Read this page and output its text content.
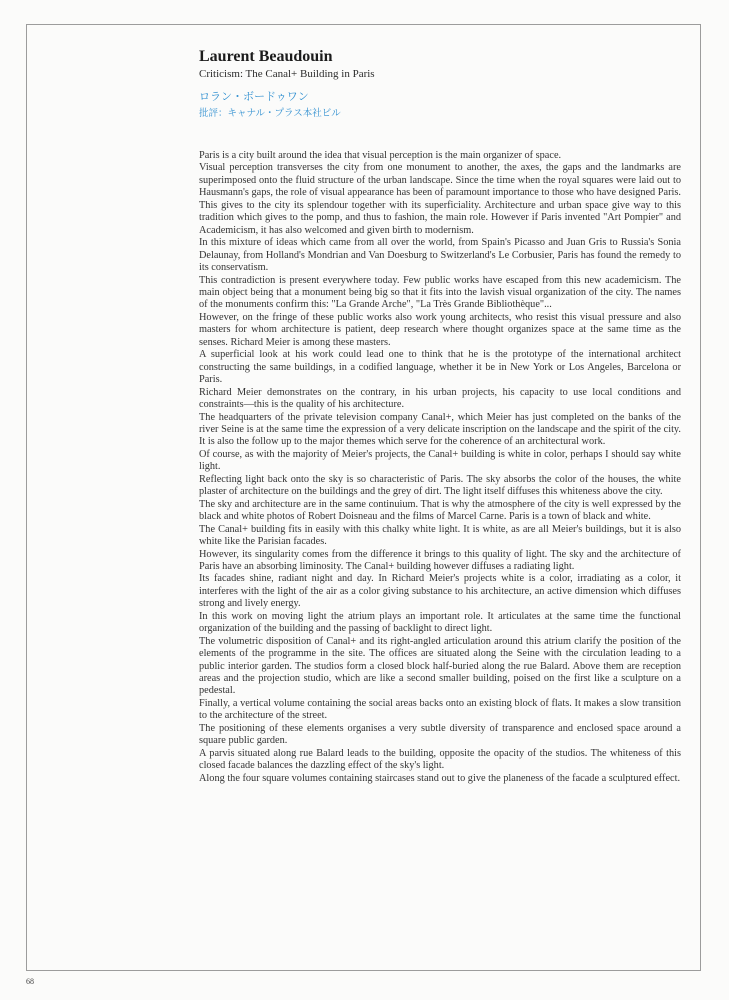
Laurent Beaudouin
Criticism: The Canal+ Building in Paris
ロラン・ボードゥワン
批評：キャナル・プラス本社ビル

Paris is a city built around the idea that visual perception is the main organizer of space.

Visual perception transverses the city from one monument to another, the axes, the gaps and the landmarks are superimposed onto the fluid structure of the urban landscape. Since the time when the royal squares were laid out to Hausmann's gaps, the role of visual appearance has been of paramount importance to those who have designed Paris.

This gives to the city its splendour together with its superficiality. Architecture and urban space give way to this tradition which gives to the pomp, and thus to fashion, the main role. However if Paris invented "Art Pompier" and Academicism, it has also welcomed and given birth to modernism.

In this mixture of ideas which came from all over the world, from Spain's Picasso and Juan Gris to Russia's Sonia Delaunay, from Holland's Mondrian and Van Doesburg to Switzerland's Le Corbusier, Paris has found the remedy to its conservatism.

This contradiction is present everywhere today. Few public works have escaped from this new academicism. The main object being that a monument being big so that it fits into the lavish visual organization of the city. The names of the monuments confirm this: "La Grande Arche", "La Très Grande Bibliothèque"...

However, on the fringe of these public works also work young architects, who resist this visual pressure and also masters for whom architecture is patient, deep research where thought organizes space at the same time as the senses. Richard Meier is among these masters.

A superficial look at his work could lead one to think that he is the prototype of the international architect constructing the same buildings, in a codified language, whether it be in New York or Los Angeles, Barcelona or Paris.

Richard Meier demonstrates on the contrary, in his urban projects, his capacity to use local conditions and constraints—this is the quality of his architecture.

The headquarters of the private television company Canal+, which Meier has just completed on the banks of the river Seine is at the same time the expression of a very delicate inscription on the landscape and the spirit of the city. It is also the follow up to the major themes which serve for the coherence of an architectural work.

Of course, as with the majority of Meier's projects, the Canal+ building is white in color, perhaps I should say white light.

Reflecting light back onto the sky is so characteristic of Paris. The sky absorbs the color of the houses, the white plaster of architecture on the buildings and the grey of dirt. The light itself diffuses this whiteness above the city.

The sky and architecture are in the same continuium. That is why the atmosphere of the city is well expressed by the black and white photos of Robert Doisneau and the films of Marcel Carne. Paris is a town of black and white.

The Canal+ building fits in easily with this chalky white light. It is white, as are all Meier's buildings, but it is also white like the Parisian facades.

However, its singularity comes from the difference it brings to this quality of light. The sky and the architecture of Paris have an absorbing liminosity. The Canal+ building however diffuses a radiating light.

Its facades shine, radiant night and day. In Richard Meier's projects white is a color, irradiating as a color, it interferes with the light of the air as a color giving substance to his architecture, an active dimension which diffuses strong and lively energy.

In this work on moving light the atrium plays an important role. It articulates at the same time the functional organization of the building and the passing of backlight to direct light.

The volumetric disposition of Canal+ and its right-angled articulation around this atrium clarify the position of the elements of the programme in the site. The offices are situated along the Seine with the circulation leading to a public interior garden. The studios form a closed block half-buried along the rue Balard. Above them are reception areas and the projection studio, which are like a second smaller building, poised on the first like a sculpture on a pedestal.

Finally, a vertical volume containing the social areas backs onto an existing block of flats. It makes a slow transition to the architecture of the street.

The positioning of these elements organises a very subtle diversity of transparence and enclosed space around a square public garden.

A parvis situated along rue Balard leads to the building, opposite the opacity of the studios. The whiteness of this closed facade balances the dazzling effect of the sky's light.

Along the four square volumes containing staircases stand out to give the planeness of the facade a sculptured effect.

68
